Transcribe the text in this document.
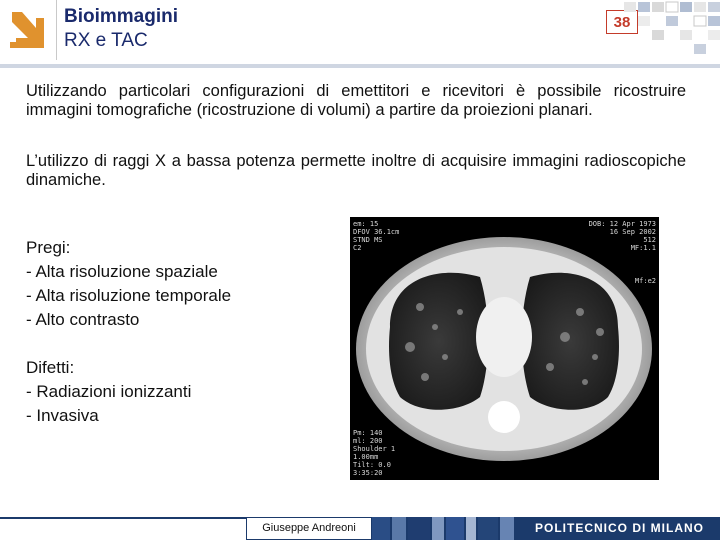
Bioimmagini
RX e TAC
38

Utilizzando particolari configurazioni di emettitori e ricevitori è possibile ricostruire immagini tomografiche (ricostruzione di volumi) a partire da proiezioni planari.

L’utilizzo di raggi X a bassa potenza permette inoltre di acquisire immagini radioscopiche dinamiche.

Pregi:
- Alta risoluzione spaziale
- Alta risoluzione temporale
- Alto contrasto
Difetti:
- Radiazioni ionizzanti
- Invasiva
em: 15
DFOV 36.1cm
STND MS
C2
DOB: 12 Apr 1973
16 Sep 2002
512
MF:1.1
Mf:e2
Pm: 140
ml: 200
Shoulder 1
1.00mm
Tilt: 0.0
3:35:20
Giuseppe Andreoni	POLITECNICO DI MILANO
